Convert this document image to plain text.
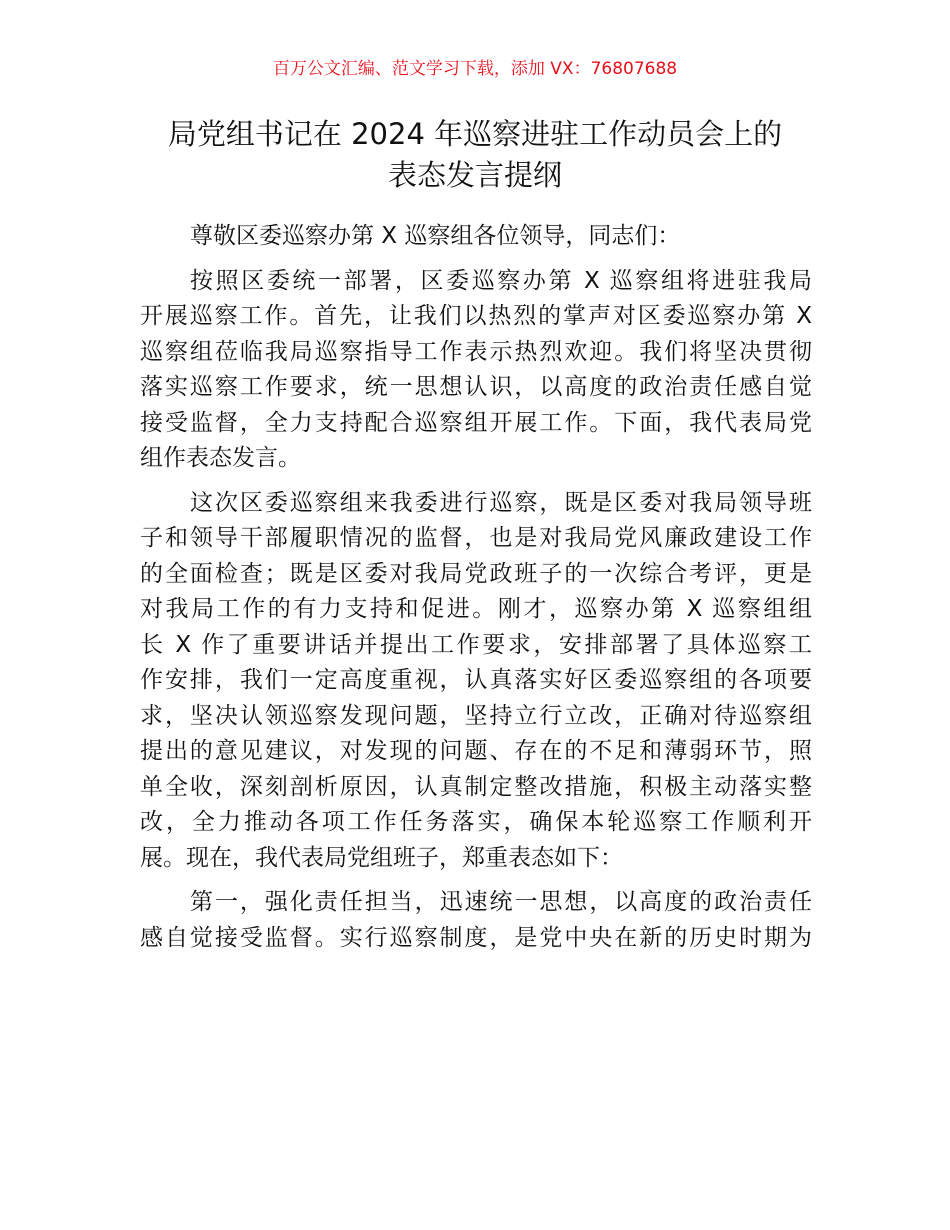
百万公文汇编、范文学习下载，添加 VX：76807688
局党组书记在 2024 年巡察进驻工作动员会上的
表态发言提纲
尊敬区委巡察办第 X 巡察组各位领导，同志们：
按照区委统一部署，区委巡察办第 X 巡察组将进驻我局
开展巡察工作。首先，让我们以热烈的掌声对区委巡察办第 X
巡察组莅临我局巡察指导工作表示热烈欢迎。我们将坚决贯彻
落实巡察工作要求，统一思想认识，以高度的政治责任感自觉
接受监督，全力支持配合巡察组开展工作。下面，我代表局党
组作表态发言。
这次区委巡察组来我委进行巡察，既是区委对我局领导班
子和领导干部履职情况的监督，也是对我局党风廉政建设工作
的全面检查；既是区委对我局党政班子的一次综合考评，更是
对我局工作的有力支持和促进。刚才，巡察办第 X 巡察组组
长 X 作了重要讲话并提出工作要求，安排部署了具体巡察工
作安排，我们一定高度重视，认真落实好区委巡察组的各项要
求，坚决认领巡察发现问题，坚持立行立改，正确对待巡察组
提出的意见建议，对发现的问题、存在的不足和薄弱环节，照
单全收，深刻剖析原因，认真制定整改措施，积极主动落实整
改，全力推动各项工作任务落实，确保本轮巡察工作顺利开
展。现在，我代表局党组班子，郑重表态如下：
第一，强化责任担当，迅速统一思想，以高度的政治责任
感自觉接受监督。实行巡察制度，是党中央在新的历史时期为
